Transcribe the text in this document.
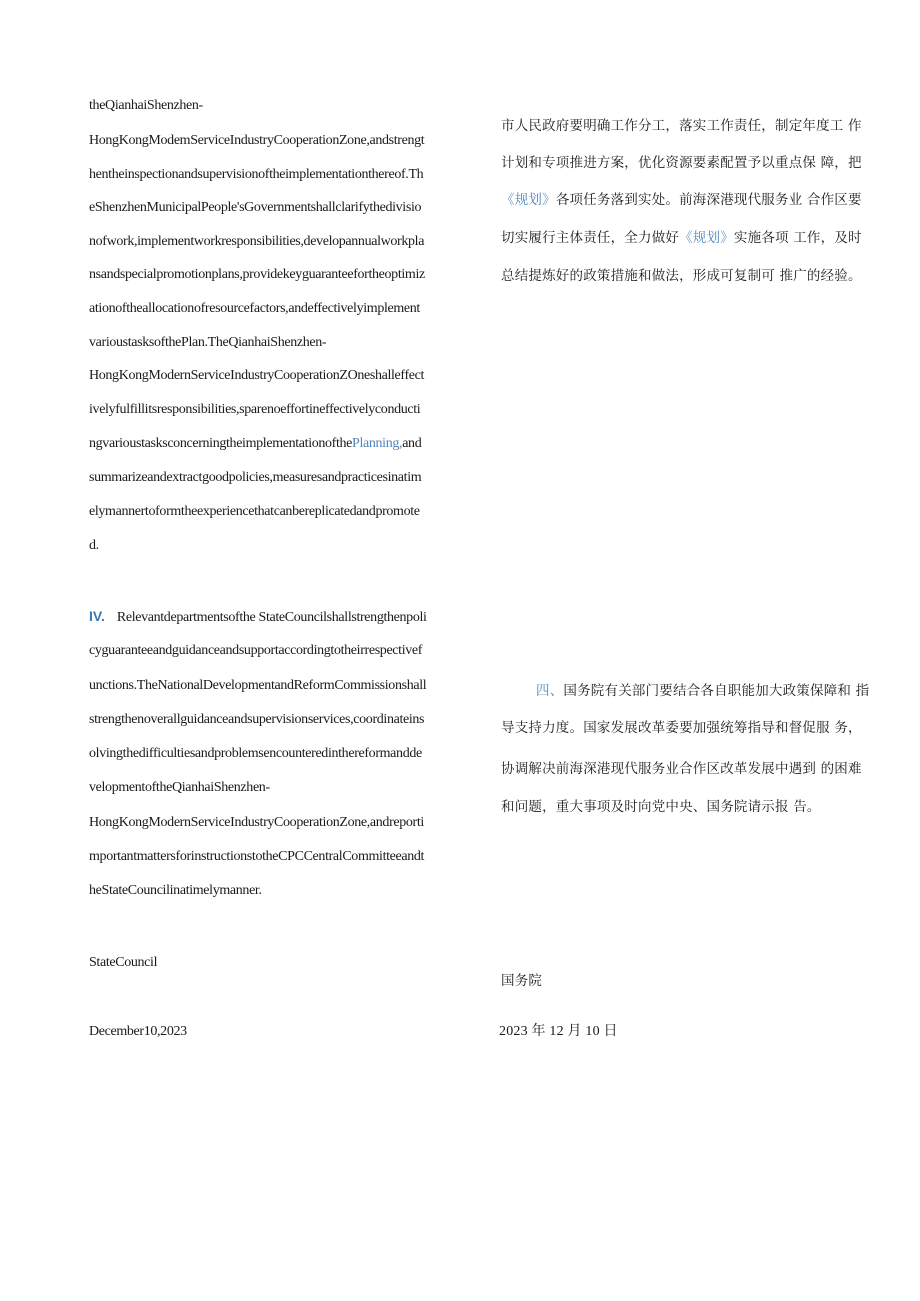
theQianhaiShenzhen-
HongKongModemServiceIndustryCooperationZone,andstrengt
hentheinspectionandsupervisionoftheimplementationthereof.Th
eShenzhenMunicipalPeople'sGovernmentshallclarifythedivisio
nofwork,implementworkresponsibilities,developannualworkpla
nsandspecialpromotionplans,providekeyguaranteefortheoptimiz
ationoftheallocationofresourcefactors,andeffectivelyimplement
varioustasksofthePlan.TheQianhaiShenzhen-
HongKongModernServiceIndustryCooperationZOneshalleffect
ivelyfulfillitsresponsibilities,sparenoeffortineffectivelyconducti
ngvarioustasksconcerningtheimplementationofthePlanning,and
summarizeandextractgoodpolicies,measuresandpracticesinatim
elymannertoformtheexperiencethatcanbereplicatedandpromote
d.
IV. Relevantdepartmentsofthe StateCouncilshallstrengthenpoli
cyguaranteeandguidanceandsupportaccordingtotheirrespectivef
unctions.TheNationalDevelopmentandReformCommissionshall
strengthenoverallguidanceandsupervisionservices,coordinateins
olvingthedifficultiesandproblemsencounteredinthereformandde
velopmentoftheQianhaiShenzhen-
HongKongModernServiceIndustryCooperationZone,andreporti
mportantmattersforinstructionstotheCPCCentralCommitteeandt
heStateCouncilinatimelymanner.
StateCouncil
December10,2023
市人民政府要明确工作分工，落实工作责任，制定年度工 作
计划和专项推进方案，优化资源要素配置予以重点保 障，把
《规划》各项任务落到实处。前海深港现代服务业 合作区要
切实履行主体责任，全力做好《规划》实施各项 工作，及时
总结提炼好的政策措施和做法，形成可复制可 推广的经验。
四、国务院有关部门要结合各自职能加大政策保障和 指
导支持力度。国家发展改革委要加强统筹指导和督促服 务，
协调解决前海深港现代服务业合作区改革发展中遇到 的困难
和问题，重大事项及时向党中央、国务院请示报 告。
国务院
2023 年 12 月 10 日
